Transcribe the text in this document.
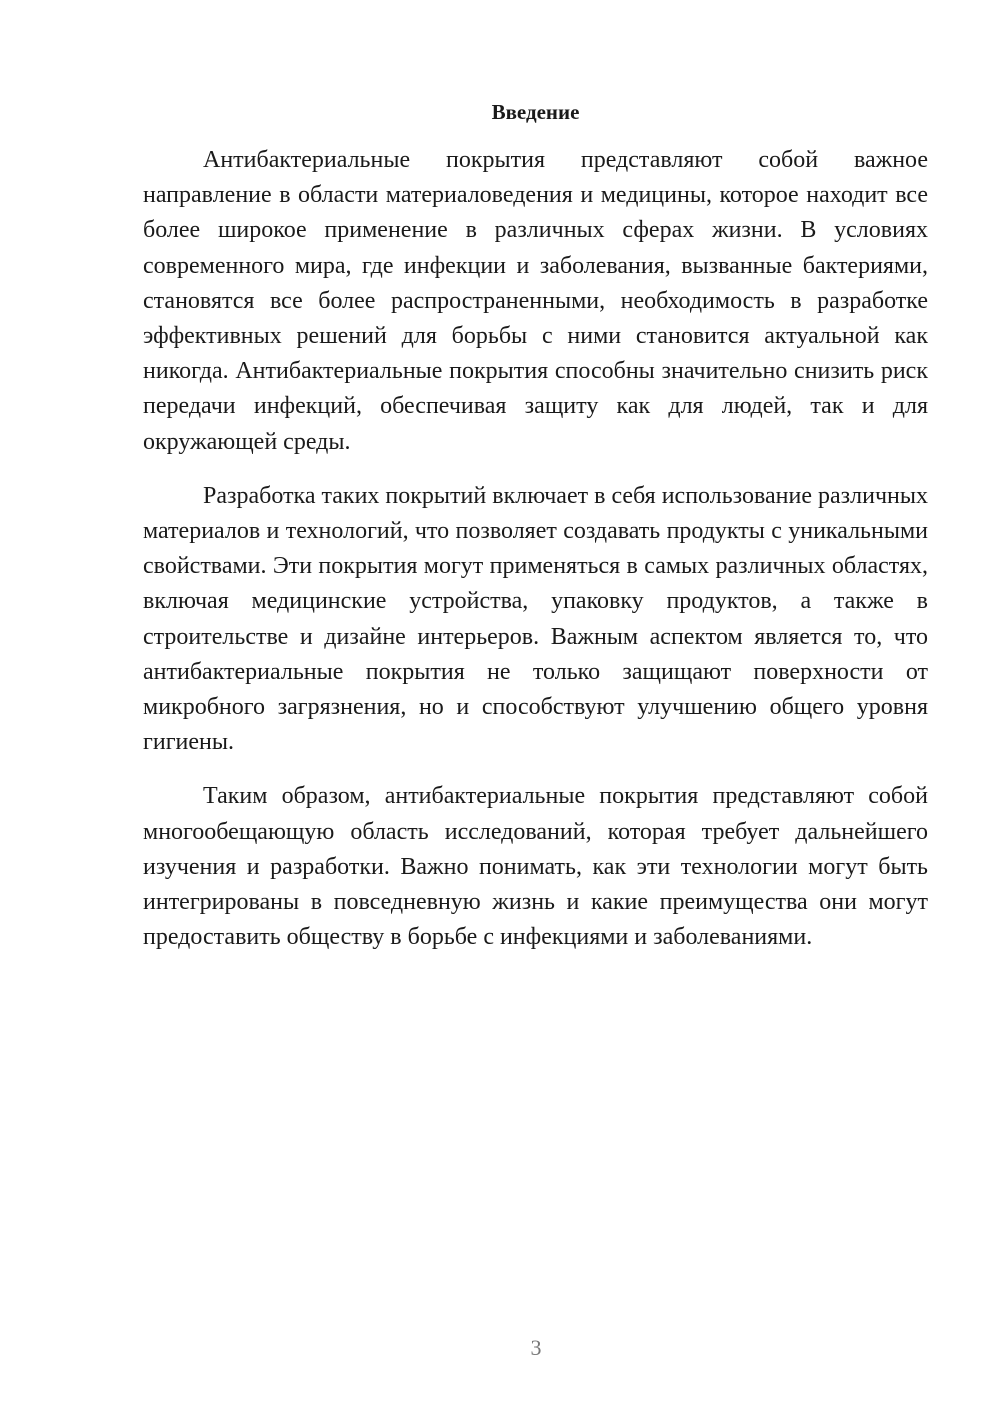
Введение

Антибактериальные покрытия представляют собой важное направление в области материаловедения и медицины, которое находит все более широкое применение в различных сферах жизни. В условиях современного мира, где инфекции и заболевания, вызванные бактериями, становятся все более распространенными, необходимость в разработке эффективных решений для борьбы с ними становится актуальной как никогда. Антибактериальные покрытия способны значительно снизить риск передачи инфекций, обеспечивая защиту как для людей, так и для окружающей среды.

Разработка таких покрытий включает в себя использование различных материалов и технологий, что позволяет создавать продукты с уникальными свойствами. Эти покрытия могут применяться в самых различных областях, включая медицинские устройства, упаковку продуктов, а также в строительстве и дизайне интерьеров. Важным аспектом является то, что антибактериальные покрытия не только защищают поверхности от микробного загрязнения, но и способствуют улучшению общего уровня гигиены.

Таким образом, антибактериальные покрытия представляют собой многообещающую область исследований, которая требует дальнейшего изучения и разработки. Важно понимать, как эти технологии могут быть интегрированы в повседневную жизнь и какие преимущества они могут предоставить обществу в борьбе с инфекциями и заболеваниями.

3
